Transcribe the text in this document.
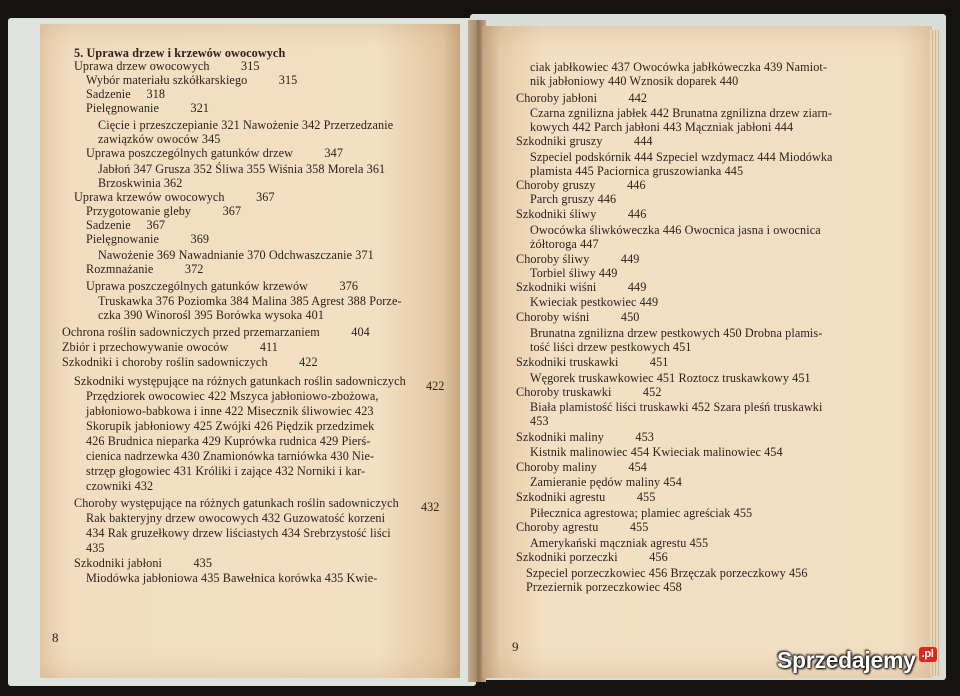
5. Uprawa drzew i krzewów owocowych
Uprawa drzew owocowych          315
Wybór materiału szkółkarskiego          315
Sadzenie     318
Pielęgnowanie          321
Cięcie i przeszczepianie 321 Nawożenie 342 Przerzedzanie
zawiązków owoców 345
Uprawa poszczególnych gatunków drzew          347
Jabłoń 347 Grusza 352 Śliwa 355 Wiśnia 358 Morela 361
Brzoskwinia 362
Uprawa krzewów owocowych          367
Przygotowanie gleby          367
Sadzenie     367
Pielęgnowanie          369
Nawożenie 369 Nawadnianie 370 Odchwaszczanie 371
Rozmnażanie          372
Uprawa poszczególnych gatunków krzewów          376
Truskawka 376 Poziomka 384 Malina 385 Agrest 388 Porze-
czka 390 Winorośl 395 Borówka wysoka 401
Ochrona roślin sadowniczych przed przemarzaniem          404
Zbiór i przechowywanie owoców          411
Szkodniki i choroby roślin sadowniczych          422
Szkodniki występujące na różnych gatunkach roślin sadowniczych
Przędziorek owocowiec 422 Mszyca jabłoniowo-zbożowa,
jabłoniowo-babkowa i inne 422 Misecznik śliwowiec 423
Skorupik jabłoniowy 425 Zwójki 426 Piędzik przedzimek
426 Brudnica nieparka 429 Kuprówka rudnica 429 Pierś-
cienica nadrzewka 430 Znamionówka tarniówka 430 Nie-
strzęp głogowiec 431 Króliki i zające 432 Norniki i kar-
czowniki 432
Choroby występujące na różnych gatunkach roślin sadowniczych
Rak bakteryjny drzew owocowych 432 Guzowatość korzeni
434 Rak gruzełkowy drzew liściastych 434 Srebrzystość liści
435
Szkodniki jabłoni          435
Miodówka jabłoniowa 435 Bawełnica korówka 435 Kwie-
422
432
8
ciak jabłkowiec 437 Owocówka jabłkóweczka 439 Namiot-
nik jabłoniowy 440 Wznosik doparek 440
Choroby jabłoni          442
Czarna zgnilizna jabłek 442 Brunatna zgnilizna drzew ziarn-
kowych 442 Parch jabłoni 443 Mączniak jabłoni 444
Szkodniki gruszy          444
Szpeciel podskórnik 444 Szpeciel wzdymacz 444 Miodówka
plamista 445 Paciornica gruszowianka 445
Choroby gruszy          446
Parch gruszy 446
Szkodniki śliwy          446
Owocówka śliwkóweczka 446 Owocnica jasna i owocnica
żółtoroga 447
Choroby śliwy          449
Torbiel śliwy 449
Szkodniki wiśni          449
Kwieciak pestkowiec 449
Choroby wiśni          450
Brunatna zgnilizna drzew pestkowych 450 Drobna plamis-
tość liści drzew pestkowych 451
Szkodniki truskawki          451
Węgorek truskawkowiec 451 Roztocz truskawkowy 451
Choroby truskawki          452
Biała plamistość liści truskawki 452 Szara pleśń truskawki
453
Szkodniki maliny          453
Kistnik malinowiec 454 Kwieciak malinowiec 454
Choroby maliny          454
Zamieranie pędów maliny 454
Szkodniki agrestu          455
Piłecznica agrestowa; plamiec agreściak 455
Choroby agrestu          455
Amerykański mączniak agrestu 455
Szkodniki porzeczki          456
Szpeciel porzeczkowiec 456 Brzęczak porzeczkowy 456
Przeziernik porzeczkowiec 458
9	Sprzedajemy .pl
